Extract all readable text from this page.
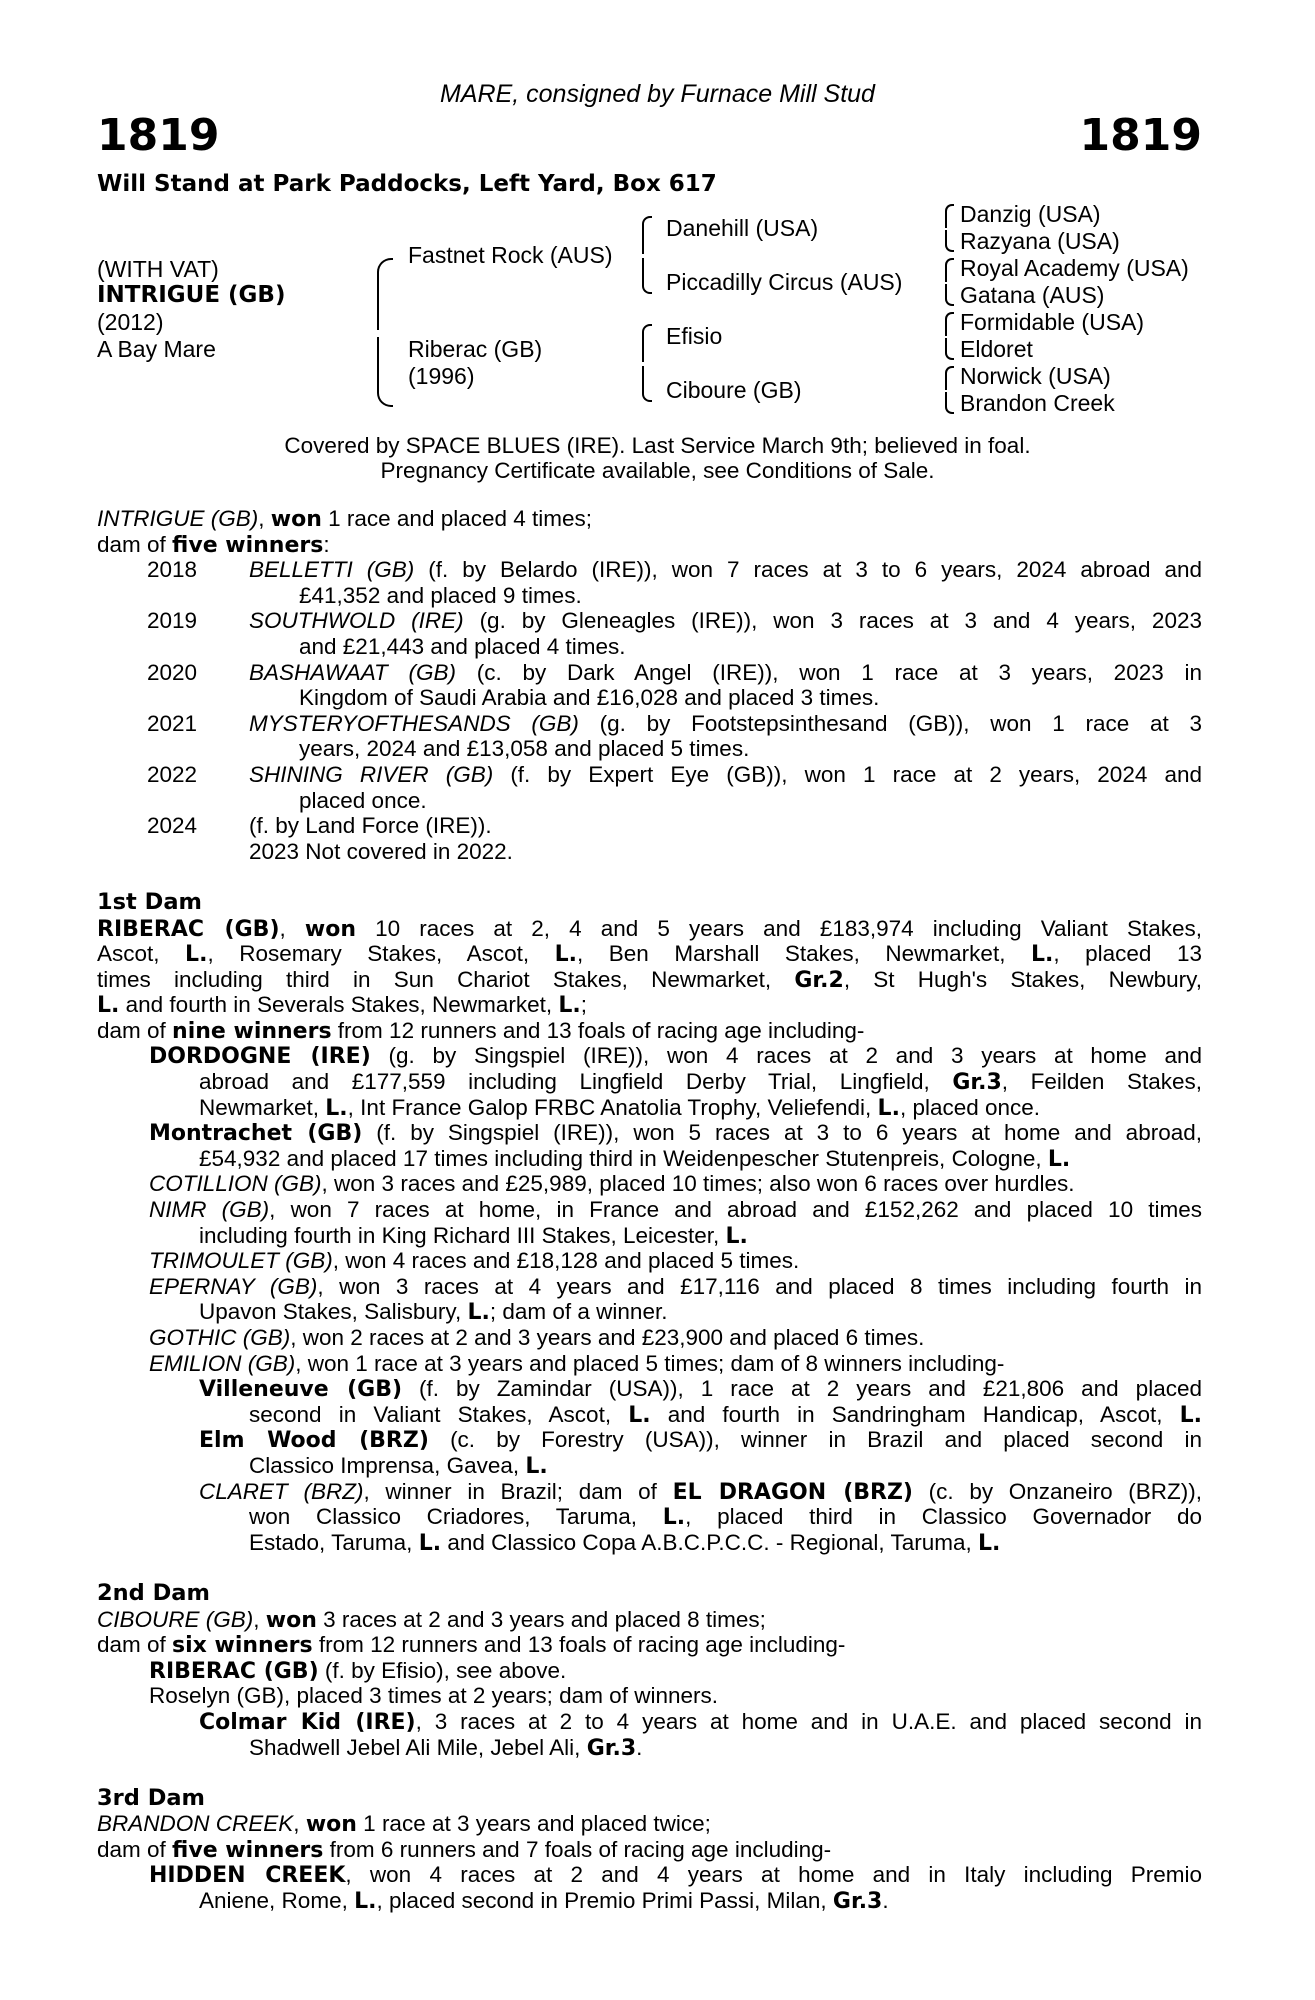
MARE, consigned by Furnace Mill Stud
1819	1819
Will Stand at Park Paddocks, Left Yard, Box 617
(WITH VAT)
INTRIGUE (GB)
(2012)
A Bay Mare
Fastnet Rock (AUS)
Riberac (GB)
(1996)
Danehill (USA)
Piccadilly Circus (AUS)
Efisio
Ciboure (GB)
Danzig (USA)
Razyana (USA)
Royal Academy (USA)
Gatana (AUS)
Formidable (USA)
Eldoret
Norwick (USA)
Brandon Creek
Covered by SPACE BLUES (IRE). Last Service March 9th; believed in foal.
Pregnancy Certificate available, see Conditions of Sale.
INTRIGUE (GB), won 1 race and placed 4 times;
dam of five winners:
2018 BELLETTI (GB) (f. by Belardo (IRE)), won 7 races at 3 to 6 years, 2024 abroad and
£41,352 and placed 9 times.
2019 SOUTHWOLD (IRE) (g. by Gleneagles (IRE)), won 3 races at 3 and 4 years, 2023
and £21,443 and placed 4 times.
2020 BASHAWAAT (GB) (c. by Dark Angel (IRE)), won 1 race at 3 years, 2023 in
Kingdom of Saudi Arabia and £16,028 and placed 3 times.
2021 MYSTERYOFTHESANDS (GB) (g. by Footstepsinthesand (GB)), won 1 race at 3
years, 2024 and £13,058 and placed 5 times.
2022 SHINING RIVER (GB) (f. by Expert Eye (GB)), won 1 race at 2 years, 2024 and
placed once.
2024 (f. by Land Force (IRE)).
2023 Not covered in 2022.
1st Dam
RIBERAC (GB), won 10 races at 2, 4 and 5 years and £183,974 including Valiant Stakes,
Ascot, L., Rosemary Stakes, Ascot, L., Ben Marshall Stakes, Newmarket, L., placed 13
times including third in Sun Chariot Stakes, Newmarket, Gr.2, St Hugh's Stakes, Newbury,
L. and fourth in Severals Stakes, Newmarket, L.;
dam of nine winners from 12 runners and 13 foals of racing age including-
DORDOGNE (IRE) (g. by Singspiel (IRE)), won 4 races at 2 and 3 years at home and
abroad and £177,559 including Lingfield Derby Trial, Lingfield, Gr.3, Feilden Stakes,
Newmarket, L., Int France Galop FRBC Anatolia Trophy, Veliefendi, L., placed once.
Montrachet (GB) (f. by Singspiel (IRE)), won 5 races at 3 to 6 years at home and abroad,
£54,932 and placed 17 times including third in Weidenpescher Stutenpreis, Cologne, L.
COTILLION (GB), won 3 races and £25,989, placed 10 times; also won 6 races over hurdles.
NIMR (GB), won 7 races at home, in France and abroad and £152,262 and placed 10 times
including fourth in King Richard III Stakes, Leicester, L.
TRIMOULET (GB), won 4 races and £18,128 and placed 5 times.
EPERNAY (GB), won 3 races at 4 years and £17,116 and placed 8 times including fourth in
Upavon Stakes, Salisbury, L.; dam of a winner.
GOTHIC (GB), won 2 races at 2 and 3 years and £23,900 and placed 6 times.
EMILION (GB), won 1 race at 3 years and placed 5 times; dam of 8 winners including-
Villeneuve (GB) (f. by Zamindar (USA)), 1 race at 2 years and £21,806 and placed
second in Valiant Stakes, Ascot, L. and fourth in Sandringham Handicap, Ascot, L.
Elm Wood (BRZ) (c. by Forestry (USA)), winner in Brazil and placed second in
Classico Imprensa, Gavea, L.
CLARET (BRZ), winner in Brazil; dam of EL DRAGON (BRZ) (c. by Onzaneiro (BRZ)),
won Classico Criadores, Taruma, L., placed third in Classico Governador do
Estado, Taruma, L. and Classico Copa A.B.C.P.C.C. - Regional, Taruma, L.
2nd Dam
CIBOURE (GB), won 3 races at 2 and 3 years and placed 8 times;
dam of six winners from 12 runners and 13 foals of racing age including-
RIBERAC (GB) (f. by Efisio), see above.
Roselyn (GB), placed 3 times at 2 years; dam of winners.
Colmar Kid (IRE), 3 races at 2 to 4 years at home and in U.A.E. and placed second in
Shadwell Jebel Ali Mile, Jebel Ali, Gr.3.
3rd Dam
BRANDON CREEK, won 1 race at 3 years and placed twice;
dam of five winners from 6 runners and 7 foals of racing age including-
HIDDEN CREEK, won 4 races at 2 and 4 years at home and in Italy including Premio
Aniene, Rome, L., placed second in Premio Primi Passi, Milan, Gr.3.
